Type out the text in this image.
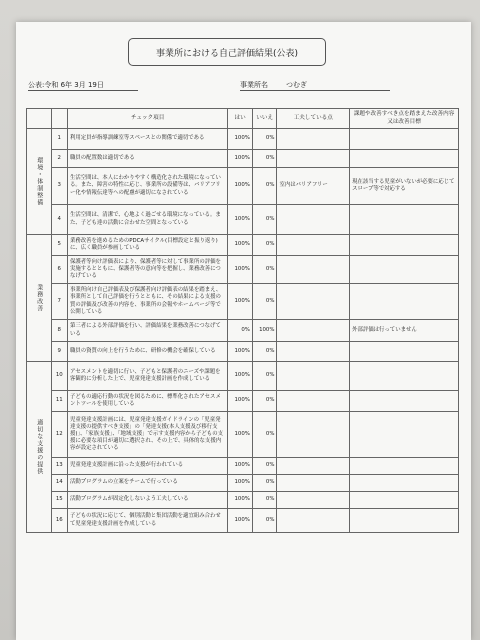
事業所における自己評価結果(公表)
公表:令和 6年 3月 19日	事業所名	つむぎ
		チェック項目	はい	いいえ	工夫している点	課題や改善すべき点を踏まえた改善内容又は改善目標

環境・体制整備	1	利用定員が指導訓練室等スペースとの関係で適切である	100%	0%		
	2	職員の配置数は適切である	100%	0%		
	3	生活空間は、本人にわかりやすく構造化された環境になっている。また、障害の特性に応じ、事業所の設備等は、バリアフリー化や情報伝達等への配慮が適切になされている	100%	0%	室内はバリアフリー	現在該当する児童がいないが必要に応じてスロープ等で対応する
	4	生活空間は、清潔で、心地よく過ごせる環境になっている。また、子ども達の活動に合わせた空間となっている	100%	0%		

業務改善	5	業務改善を進めるためのPDCAサイクル(目標設定と振り返り)に、広く職員が参画している	100%	0%		
	6	保護者等向け評価表により、保護者等に対して事業所の評価を実施するとともに、保護者等の意向等を把握し、業務改善につなげている	100%	0%		
	7	事業所向け自己評価表及び保護者向け評価表の結果を踏まえ、事業所として自己評価を行うとともに、その結果による支援の質の評価及び改善の内容を、事業所の会報やホームページ等で公開している	100%	0%		
	8	第三者による外部評価を行い、評価結果を業務改善につなげている	0%	100%		外部評価は行っていません
	9	職員の資質の向上を行うために、研修の機会を確保している	100%	0%		

適切な支援の提供	10	アセスメントを適切に行い、子どもと保護者のニーズや課題を客観的に分析した上で、児童発達支援計画を作成している	100%	0%		
	11	子どもの適応行動の状況を図るために、標準化されたアセスメントツールを使用している	100%	0%		
	12	児童発達支援計画には、児童発達支援ガイドラインの「児童発達支援の提供すべき支援」の「発達支援(本人支援及び移行支援)」、「家族支援」、「地域支援」で示す支援内容から子どもの支援に必要な項目が適切に選択され、その上で、具体的な支援内容が設定されている	100%	0%		
	13	児童発達支援計画に沿った支援が行われている	100%	0%		
	14	活動プログラムの立案をチームで行っている	100%	0%		
	15	活動プログラムが固定化しないよう工夫している	100%	0%		
	16	子どもの状況に応じて、個別活動と集団活動を適宜組み合わせて児童発達支援計画を作成している	100%	0%		
